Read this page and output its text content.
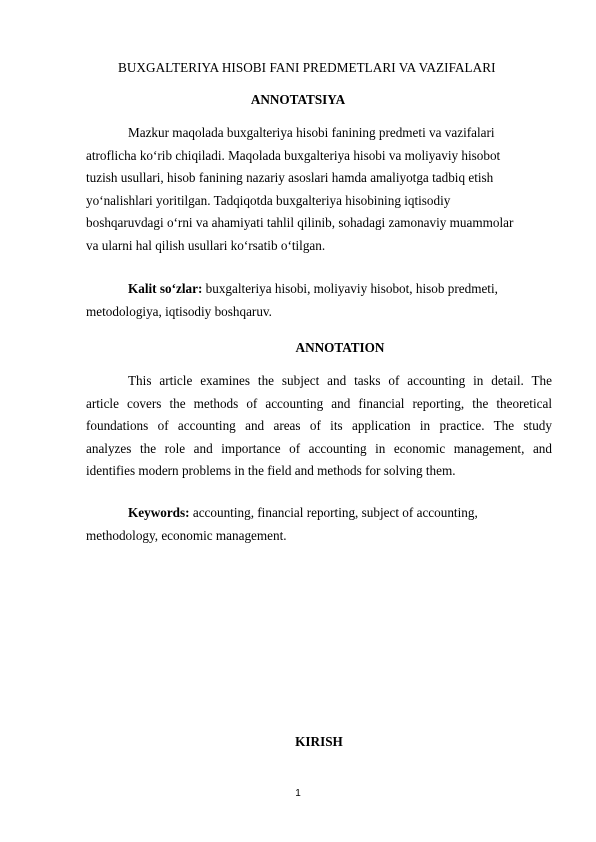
BUXGALTERIYA HISOBI FANI PREDMETLARI VA VAZIFALARI
ANNOTATSIYA
Mazkur maqolada buxgalteriya hisobi fanining predmeti va vazifalari
atroflicha koʻrib chiqiladi. Maqolada buxgalteriya hisobi va moliyaviy hisobot
tuzish usullari, hisob fanining nazariy asoslari hamda amaliyotga tadbiq etish
yoʻnalishlari yoritilgan. Tadqiqotda buxgalteriya hisobining iqtisodiy
boshqaruvdagi oʻrni va ahamiyati tahlil qilinib, sohadagi zamonaviy muammolar
va ularni hal qilish usullari koʻrsatib oʻtilgan.
Kalit soʻzlar: buxgalteriya hisobi, moliyaviy hisobot, hisob predmeti,
metodologiya, iqtisodiy boshqaruv.
ANNOTATION
This article examines the subject and tasks of accounting in detail. The
article covers the methods of accounting and financial reporting, the theoretical
foundations of accounting and areas of its application in practice. The study
analyzes the role and importance of accounting in economic management, and
identifies modern problems in the field and methods for solving them.
Keywords: accounting, financial reporting, subject of accounting,
methodology, economic management.
KIRISH
1
